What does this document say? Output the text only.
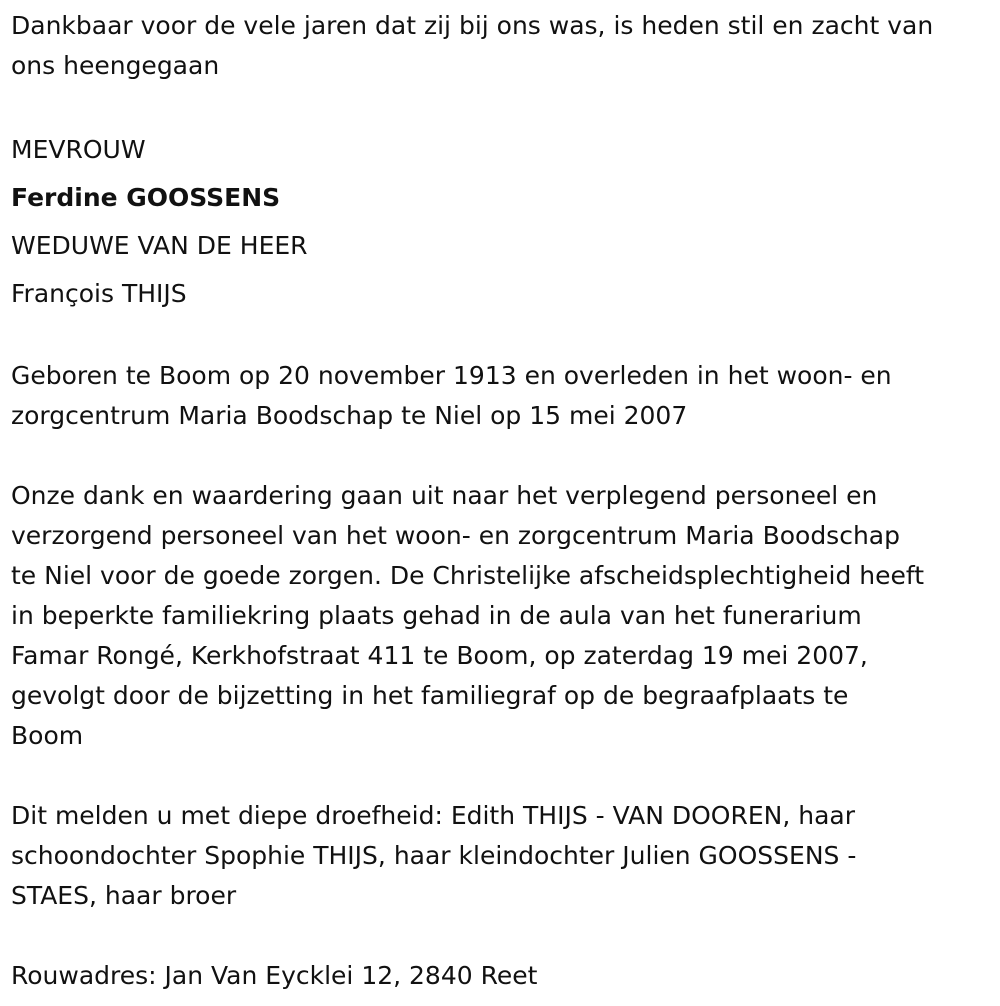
Dankbaar voor de vele jaren dat zij bij ons was, is heden stil en zacht van
ons heengegaan

MEVROUW

Ferdine GOOSSENS

WEDUWE VAN DE HEER

François THIJS

Geboren te Boom op 20 november 1913 en overleden in het woon- en
zorgcentrum Maria Boodschap te Niel op 15 mei 2007

Onze dank en waardering gaan uit naar het verplegend personeel en
verzorgend personeel van het woon- en zorgcentrum Maria Boodschap
te Niel voor de goede zorgen. De Christelijke afscheidsplechtigheid heeft
in beperkte familiekring plaats gehad in de aula van het funerarium
Famar Rongé, Kerkhofstraat 411 te Boom, op zaterdag 19 mei 2007,
gevolgt door de bijzetting in het familiegraf op de begraafplaats te
Boom

Dit melden u met diepe droefheid: Edith THIJS - VAN DOOREN, haar
schoondochter Spophie THIJS, haar kleindochter Julien GOOSSENS -
STAES, haar broer

Rouwadres: Jan Van Eycklei 12, 2840 Reet
